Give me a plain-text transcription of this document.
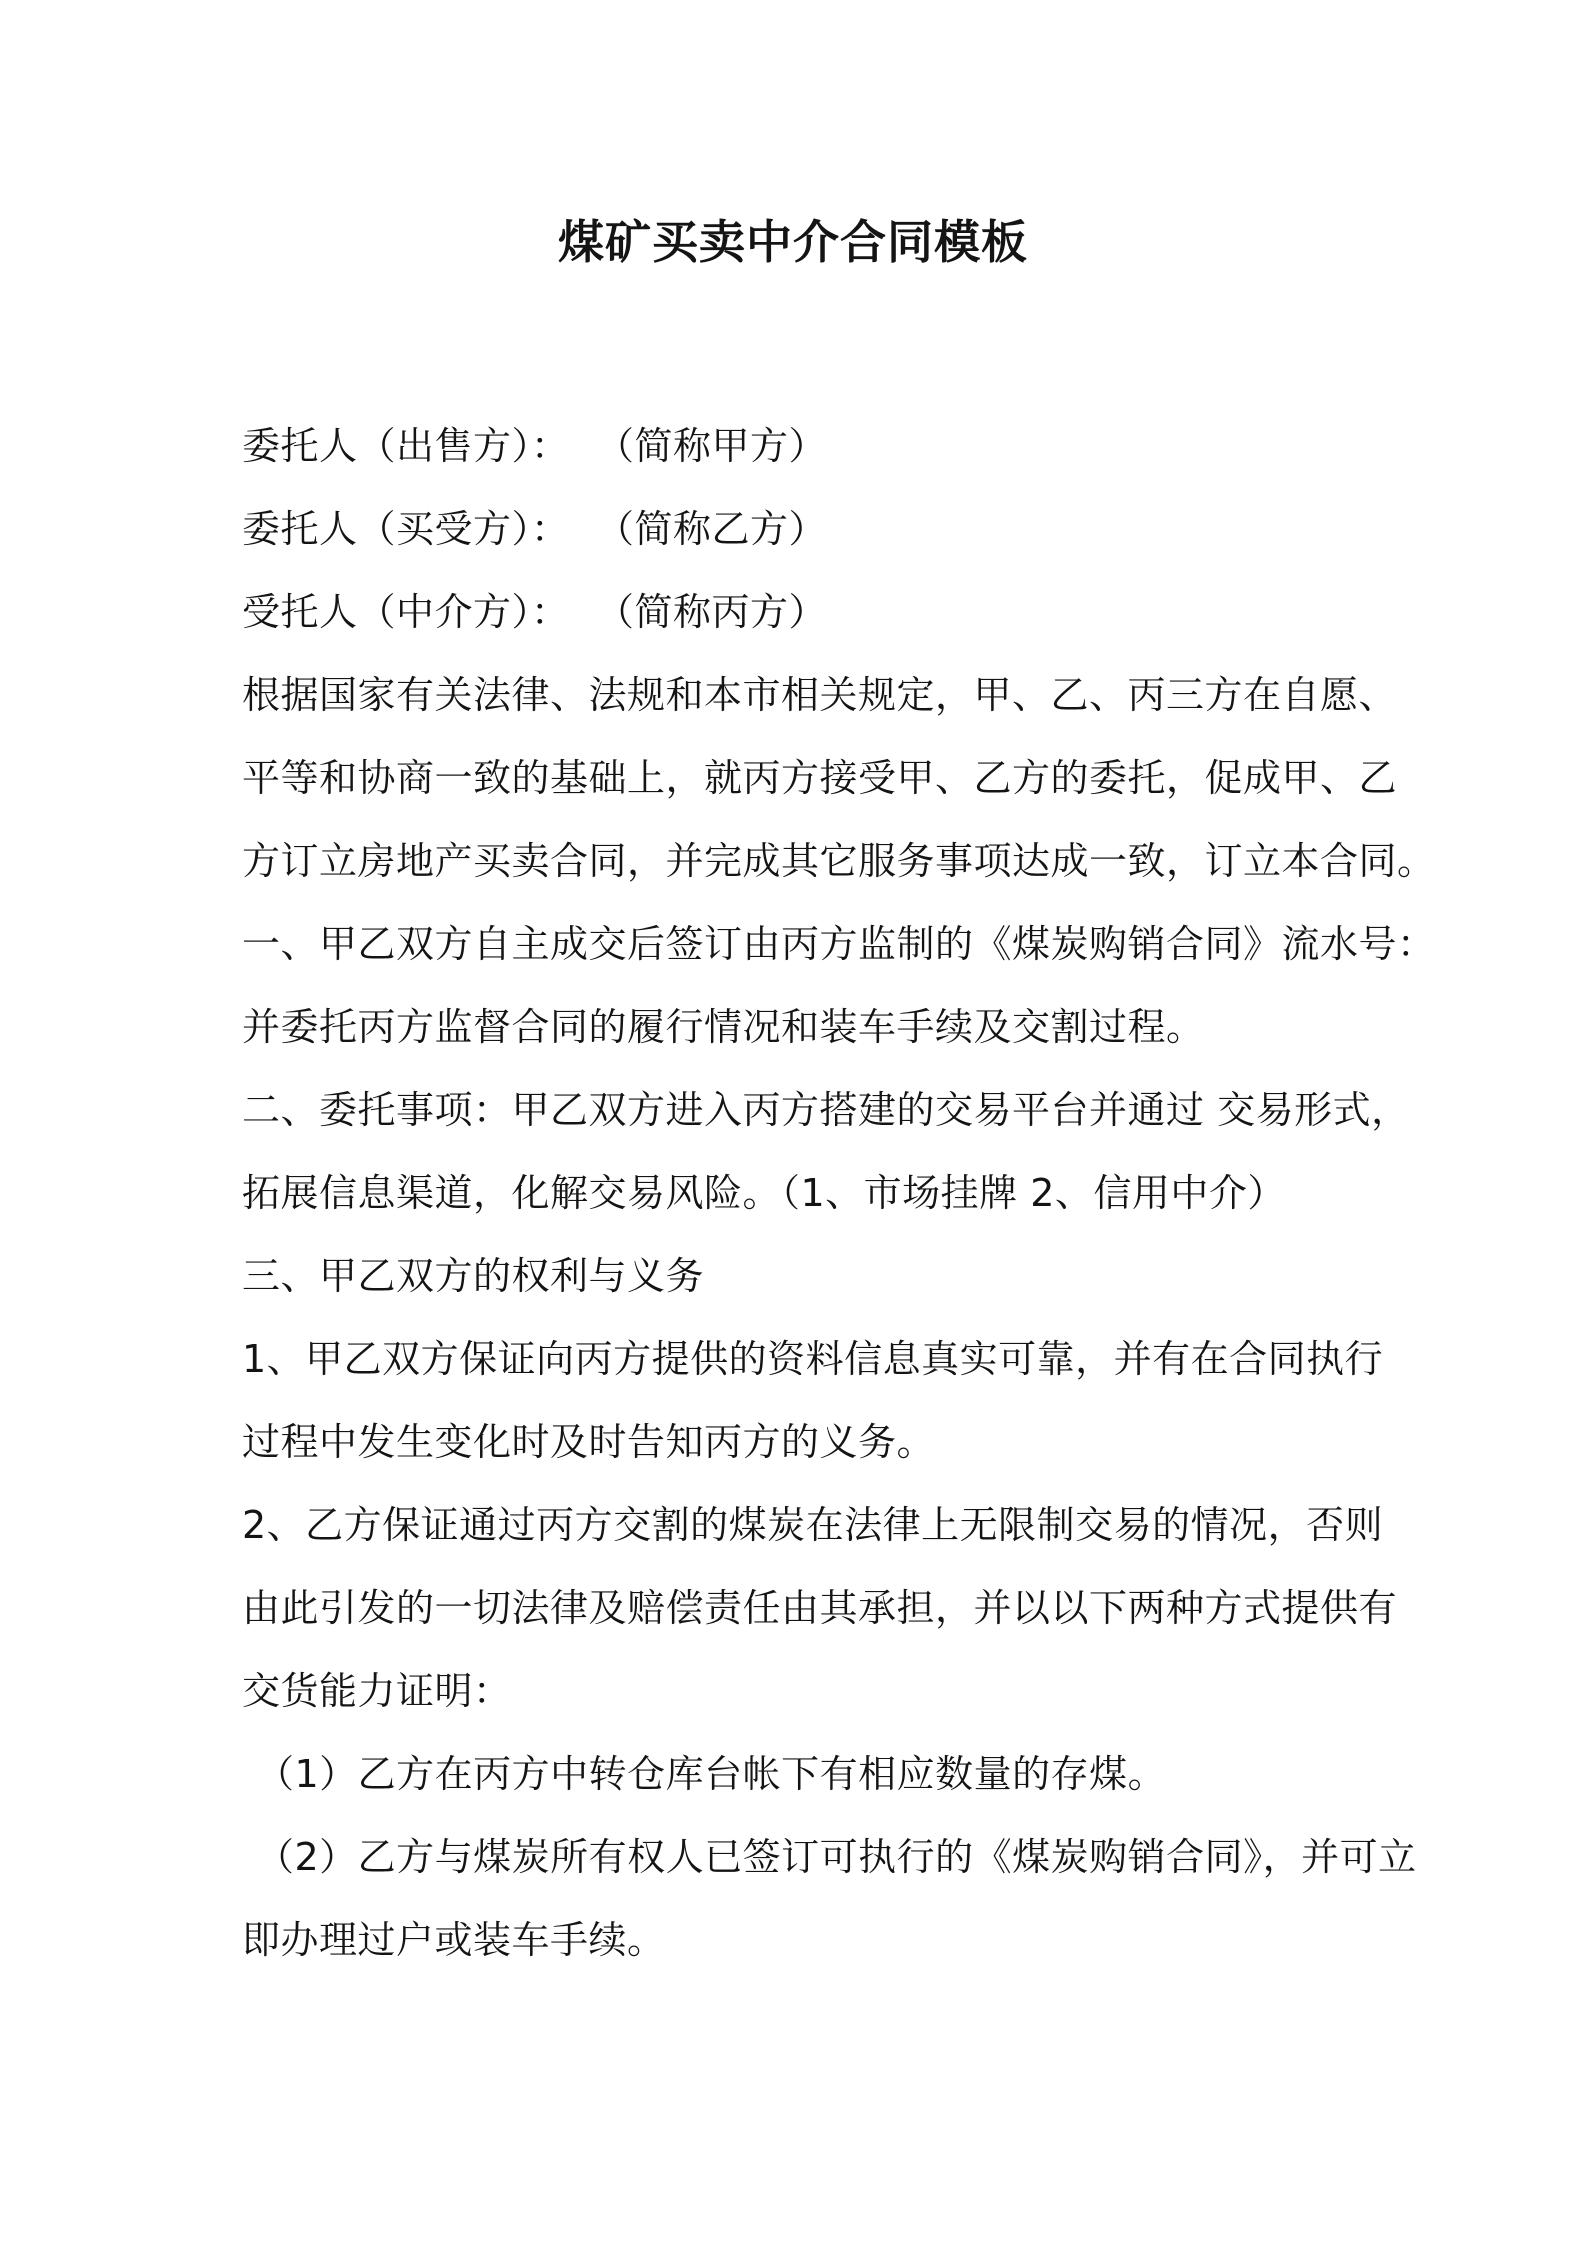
煤矿买卖中介合同模板
委托人（出售方）： （简称甲方）
委托人（买受方）： （简称乙方）
受托人（中介方）： （简称丙方）
根据国家有关法律、法规和本市相关规定，甲、乙、丙三方在自愿、
平等和协商一致的基础上，就丙方接受甲、乙方的委托，促成甲、乙
方订立房地产买卖合同，并完成其它服务事项达成一致，订立本合同。
一、甲乙双方自主成交后签订由丙方监制的《煤炭购销合同》流水号：
并委托丙方监督合同的履行情况和装车手续及交割过程。
二、委托事项：甲乙双方进入丙方搭建的交易平台并通过 交易形式，
拓展信息渠道，化解交易风险。（1、市场挂牌 2、信用中介）
三、甲乙双方的权利与义务
1、甲乙双方保证向丙方提供的资料信息真实可靠，并有在合同执行
过程中发生变化时及时告知丙方的义务。
2、乙方保证通过丙方交割的煤炭在法律上无限制交易的情况，否则
由此引发的一切法律及赔偿责任由其承担，并以以下两种方式提供有
交货能力证明：
（1）乙方在丙方中转仓库台帐下有相应数量的存煤。
（2）乙方与煤炭所有权人已签订可执行的《煤炭购销合同》，并可立
即办理过户或装车手续。
